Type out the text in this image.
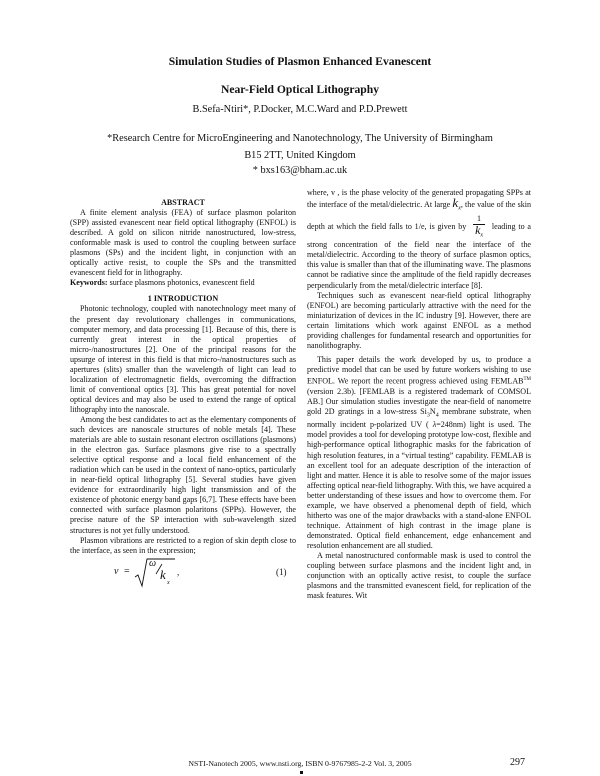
Simulation Studies of Plasmon Enhanced Evanescent
Near-Field Optical Lithography
B.Sefa-Ntiri*, P.Docker, M.C.Ward and P.D.Prewett
*Research Centre for MicroEngineering and Nanotechnology, The University of Birmingham
B15 2TT, United Kingdom
* bxs163@bham.ac.uk

ABSTRACT

A finite element analysis (FEA) of surface plasmon polariton (SPP) assisted evanescent near field optical lithography (ENFOL) is described. A gold on silicon nitride nanostructured, low-stress, conformable mask is used to control the coupling between surface plasmons (SPs) and the incident light, in conjunction with an optically active resist, to couple the SPs and the transmitted evanescent field for in lithography.

Keywords: surface plasmons photonics, evanescent field

1 INTRODUCTION

Photonic technology, coupled with nanotechnology meet many of the present day revolutionary challenges in communications, computer memory, and data processing [1]. Because of this, there is currently great interest in the optical properties of micro-/nanostructures [2]. One of the principal reasons for the upsurge of interest in this field is that micro-/nanostructures such as apertures (slits) smaller than the wavelength of light can lead to localization of electromagnetic fields, overcoming the diffraction limit of conventional optics [3]. This has great potential for novel optical devices and may also be used to extend the range of optical lithography into the nanoscale.

Among the best candidates to act as the elementary components of such devices are nanoscale structures of noble metals [4]. These materials are able to sustain resonant electron oscillations (plasmons) in the electron gas. Surface plasmons give rise to a spectrally selective optical response and a local field enhancement of the radiation which can be used in the context of nano-optics, particularly in near-field optical lithography [5]. Several studies have given evidence for extraordinarily high light transmission and of the existence of photonic energy band gaps [6,7]. These effects have been connected with surface plasmon polaritons (SPPs). However, the precise nature of the SP interaction with sub-wavelength sized structures is not yet fully understood.

Plasmon vibrations are restricted to a region of skin depth close to the interface, as seen in the expression;

v =
ω
k
x
,	(1)

where, v , is the phase velocity of the generated propagating SPPs at the interface of the metal/dielectric. At large $k_x$, the value of the skin depth at which the field falls to 1/e, is given by $\frac{1}{k_x}$ leading to a strong concentration of the field near the interface of the metal/dielectric. According to the theory of surface plasmon optics, this value is smaller than that of the illuminating wave. The plasmons cannot be radiative since the amplitude of the field rapidly decreases perpendicularly from the metal/dielectric interface [8].

Techniques such as evanescent near-field optical lithography (ENFOL) are becoming particularly attractive with the need for the miniaturization of devices in the IC industry [9]. However, there are certain limitations which work against ENFOL as a method providing challenges for fundamental research and opportunities for nanolithography.

This paper details the work developed by us, to produce a predictive model that can be used by future workers wishing to use ENFOL. We report the recent progress achieved using FEMLAB™ (version 2.3b). [FEMLAB is a registered trademark of COMSOL AB.] Our simulation studies investigate the near-field of nanometre gold 2D gratings in a low-stress $Si_3N_4$ membrane substrate, when normally incident p-polarized UV ( λ=248nm) light is used. The model provides a tool for developing prototype low-cost, flexible and high-performance optical lithographic masks for the fabrication of high resolution features, in a “virtual testing” capability. FEMLAB is an excellent tool for an adequate description of the interaction of light and matter. Hence it is able to resolve some of the major issues affecting optical near-field lithography. With this, we have acquired a better understanding of these issues and how to overcome them. For example, we have observed a phenomenal depth of field, which hitherto was one of the major drawbacks with a stand-alone ENFOL technique. Attainment of high contrast in the image plane is demonstrated. Optical field enhancement, edge enhancement and resolution enhancement are all studied.

A metal nanostructured conformable mask is used to control the coupling between surface plasmons and the incident light and, in conjunction with an optically active resist, to couple the surface plasmons and the transmitted evanescent field, for replication of the mask features. Wit

NSTI-Nanotech 2005, www.nsti.org, ISBN 0-9767985-2-2 Vol. 3, 2005	297
